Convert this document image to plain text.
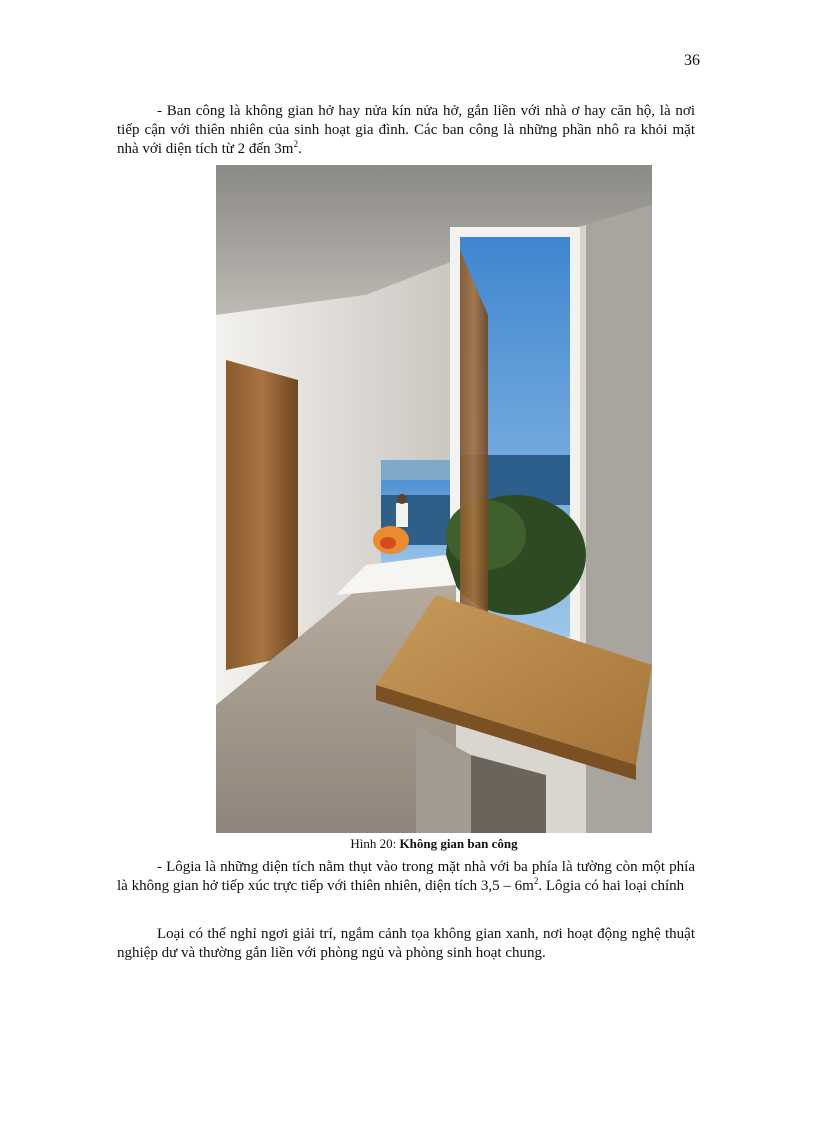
36

- Ban công là không gian hở hay nửa kín nửa hở, gắn liền với nhà ơ hay căn hộ, là nơi tiếp cận với thiên nhiên của sinh hoạt gia đình. Các ban công là những phần nhô ra khỏi mặt nhà với diện tích từ 2 đến $3m^2$.

Hình 20: Không gian ban công

- Lôgia là những diện tích nằm thụt vào trong mặt nhà với ba phía là tường còn một phía là không gian hở tiếp xúc trực tiếp với thiên nhiên, diện tích $3,5 - 6m^2$. Lôgia có hai loại chính

Loại có thể nghỉ ngơi giải trí, ngắm cảnh tọa không gian xanh, nơi hoạt động nghệ thuật nghiệp dư và thường gắn liền với phòng ngủ và phòng sinh hoạt chung.
